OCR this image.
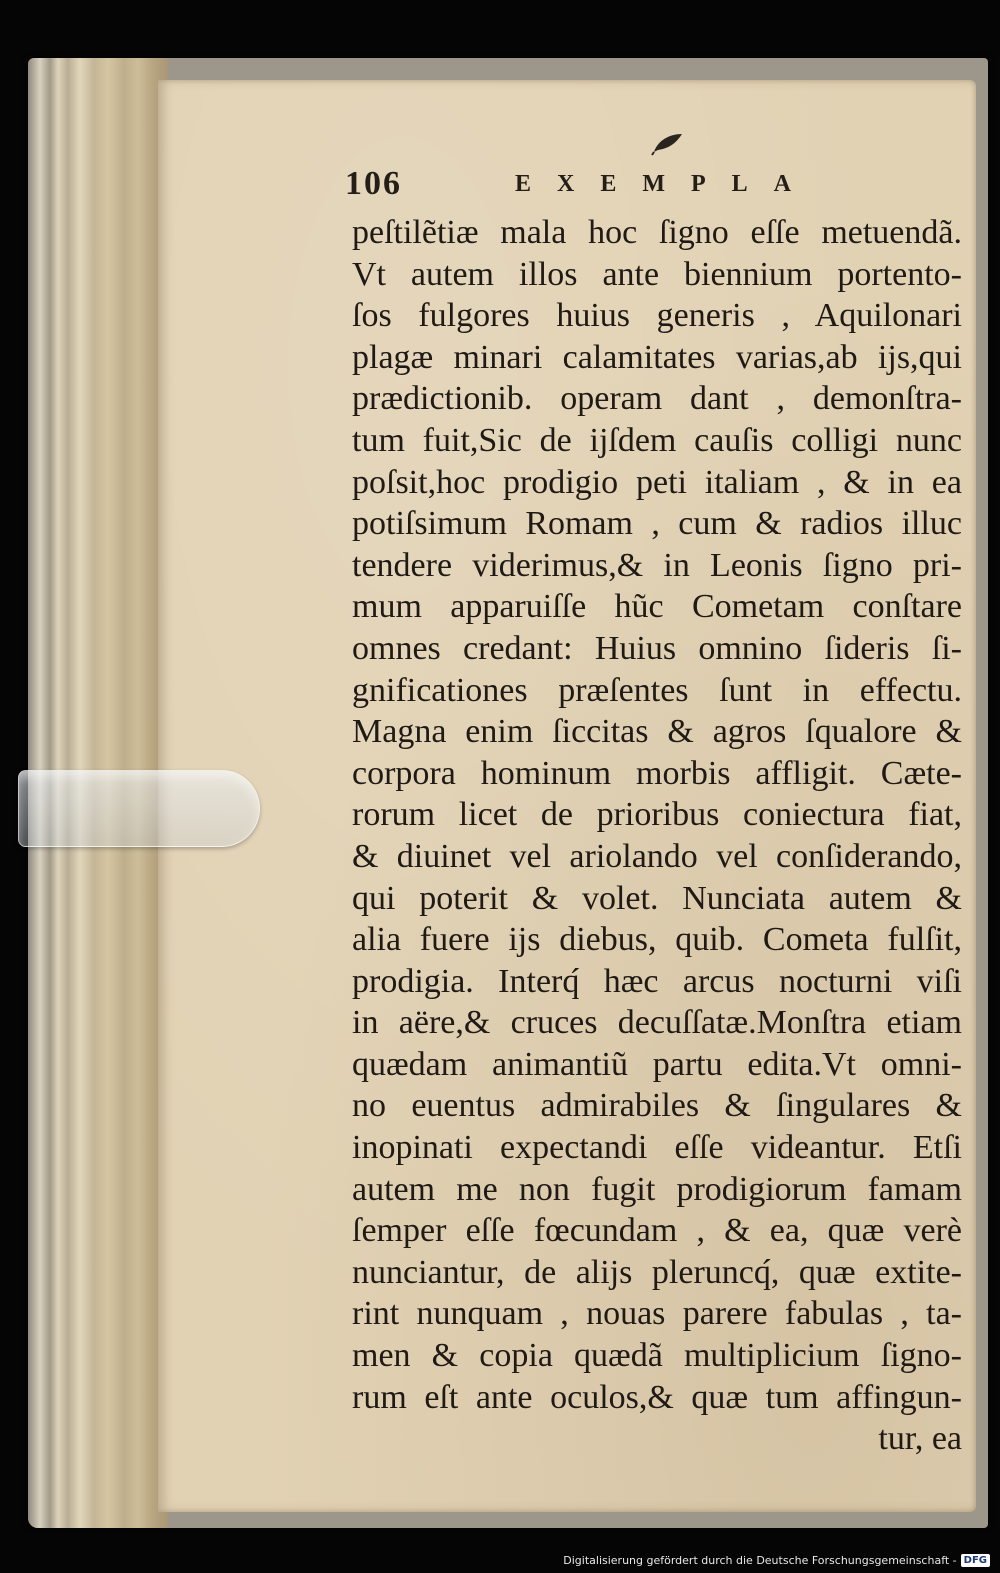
106	EXEMPLA
peſtilẽtiæ mala hoc ſigno eſſe metuendã.
Vt autem illos ante biennium portento-
ſos fulgores huius generis , Aquilonari
plagæ minari calamitates varias,ab ijs,qui
prædictionib. operam dant , demonſtra-
tum fuit,Sic de ijſdem cauſis colligi nunc
poſsit,hoc prodigio peti italiam , & in ea
potiſsimum Romam , cum & radios illuc
tendere viderimus,& in Leonis ſigno pri-
mum apparuiſſe hũc Cometam conſtare
omnes credant: Huius omnino ſideris ſi-
gnificationes præſentes ſunt in effectu.
Magna enim ſiccitas & agros ſqualore &
corpora hominum morbis affligit. Cæte-
rorum licet de prioribus coniectura fiat,
& diuinet vel ariolando vel conſiderando,
qui poterit & volet. Nunciata autem &
alia fuere ijs diebus, quib. Cometa fulſit,
prodigia. Interq́ hæc arcus nocturni viſi
in aëre,& cruces decuſſatæ.Monſtra etiam
quædam animantiũ partu edita.Vt omni-
no euentus admirabiles & ſingulares &
inopinati expectandi eſſe videantur. Etſi
autem me non fugit prodigiorum famam
ſemper eſſe fœcundam , & ea, quæ verè
nunciantur, de alijs pleruncq́, quæ extite-
rint nunquam , nouas parere fabulas , ta-
men & copia quædã multiplicium ſigno-
rum eſt ante oculos,& quæ tum affingun-
tur, ea
Digitalisierung gefördert durch die Deutsche Forschungsgemeinschaft - DFG
